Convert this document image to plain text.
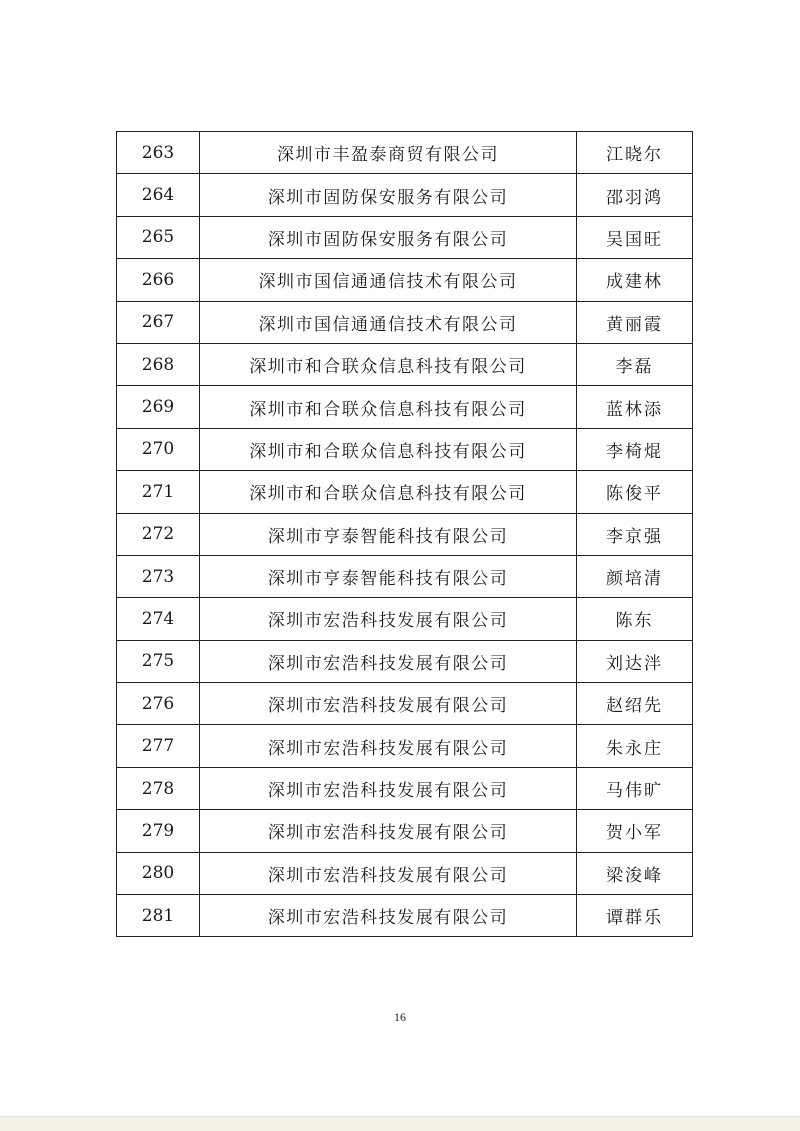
263	深圳市丰盈泰商贸有限公司	江晓尔
264	深圳市固防保安服务有限公司	邵羽鸿
265	深圳市固防保安服务有限公司	吴国旺
266	深圳市国信通通信技术有限公司	成建林
267	深圳市国信通通信技术有限公司	黄丽霞
268	深圳市和合联众信息科技有限公司	李磊
269	深圳市和合联众信息科技有限公司	蓝林添
270	深圳市和合联众信息科技有限公司	李椅焜
271	深圳市和合联众信息科技有限公司	陈俊平
272	深圳市亨泰智能科技有限公司	李京强
273	深圳市亨泰智能科技有限公司	颜培清
274	深圳市宏浩科技发展有限公司	陈东
275	深圳市宏浩科技发展有限公司	刘达泮
276	深圳市宏浩科技发展有限公司	赵绍先
277	深圳市宏浩科技发展有限公司	朱永庄
278	深圳市宏浩科技发展有限公司	马伟旷
279	深圳市宏浩科技发展有限公司	贺小军
280	深圳市宏浩科技发展有限公司	梁浚峰
281	深圳市宏浩科技发展有限公司	谭群乐
16
